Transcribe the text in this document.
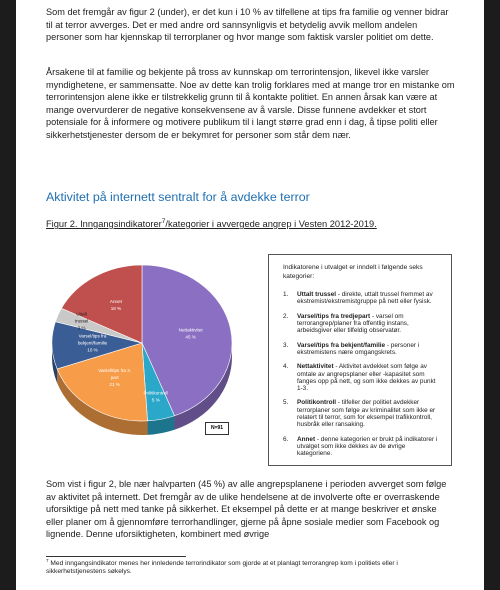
Som det fremgår av figur 2 (under), er det kun i 10 % av tilfellene at tips fra familie og venner bidrar til at terror avverges. Det er med andre ord sannsynligvis et betydelig avvik mellom andelen personer som har kjennskap til terrorplaner og hvor mange som faktisk varsler politiet om dette.

Årsakene til at familie og bekjente på tross av kunnskap om terrorintensjon, likevel ikke varsler myndighetene, er sammensatte. Noe av dette kan trolig forklares med at mange tror en mistanke om terrorintensjon alene ikke er tilstrekkelig grunn til å kontakte politiet. En annen årsak kan være at mange overvurderer de negative konsekvensene av å varsle. Disse funnene avdekker et stort potensiale for å informere og motivere publikum til i langt større grad enn i dag, å tipse politi eller sikkerhetstjenester dersom de er bekymret for personer som står dem nær.

Aktivitet på internett sentralt for å avdekke terror

Figur 2. Inngangsindikatorer$^7$/kategorier i avvergede angrep i Vesten 2012-2019.

Nettaktivitet 45 %
Politikontroll 5 %
Varsel/tips fra 3. part 21 %
Varsel/tips fra bekjent/familie 10 %
Uttalt trussel 3 %
Annet 18 %
N=91

Indikatorene i utvalget er inndelt i følgende seks kategorier:

1.	Uttalt trussel - direkte, uttalt trussel fremmet av ekstremist/ekstremistgruppe på nett eller fysisk.
2.	Varsel/tips fra tredjepart - varsel om terrorangrep/planer fra offentlig instans, arbeidsgiver eller tilfeldig observatør.
3.	Varsel/tips fra bekjent/familie - personer i ekstremistens nære omgangskrets.
4.	Nettaktivitet - Aktivitet avdekket som følge av omtale av angrepsplaner eller -kapasitet som fanges opp på nett, og som ikke dekkes av punkt 1-3.
5.	Politikontroll - tilfeller der politiet avdekker terrorplaner som følge av kriminalitet som ikke er relatert til terror, som for eksempel trafikkontroll, husbråk eller ransaking.
6.	Annet - denne kategorien er brukt på indikatorer i utvalget som ikke dekkes av de øvrige kategoriene.

Som vist i figur 2, ble nær halvparten (45 %) av alle angrepsplanene i perioden avverget som følge av aktivitet på internett. Det fremgår av de ulike hendelsene at de involverte ofte er overraskende uforsiktige på nett med tanke på sikkerhet. Et eksempel på dette er at mange beskriver et ønske eller planer om å gjennomføre terrorhandlinger, gjerne på åpne sosiale medier som Facebook og lignende. Denne uforsiktigheten, kombinert med øvrige

$^7$ Med inngangsindikator menes her innledende terrorindikator som gjorde at et planlagt terrorangrep kom i politiets eller i sikkerhetstjenestens søkelys.
